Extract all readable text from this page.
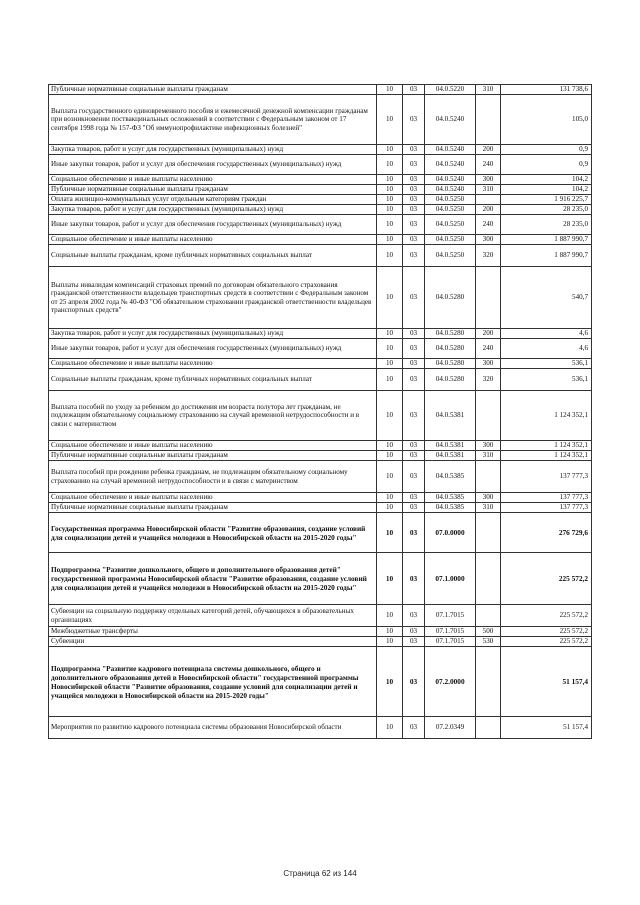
Публичные нормативные социальные выплаты гражданам	10	03	04.0.5220	310	131 738,6
Выплата государственного единовременного пособия и ежемесячной денежной компенсации гражданам при возникновении поствакцинальных осложнений в соответствии с Федеральным законом от 17 сентября 1998 года № 157-ФЗ "Об иммунопрофилактике инфекционных болезней"	10	03	04.0.5240		105,0
Закупка товаров, работ и услуг для государственных (муниципальных) нужд	10	03	04.0.5240	200	0,9
Иные закупки товаров, работ и услуг для обеспечения государственных (муниципальных) нужд	10	03	04.0.5240	240	0,9
Социальное обеспечение и иные выплаты населению	10	03	04.0.5240	300	104,2
Публичные нормативные социальные выплаты гражданам	10	03	04.0.5240	310	104,2
Оплата жилищно-коммунальных услуг отдельным категориям граждан	10	03	04.0.5250		1 916 225,7
Закупка товаров, работ и услуг для государственных (муниципальных) нужд	10	03	04.0.5250	200	28 235,0
Иные закупки товаров, работ и услуг для обеспечения государственных (муниципальных) нужд	10	03	04.0.5250	240	28 235,0
Социальное обеспечение и иные выплаты населению	10	03	04.0.5250	300	1 887 990,7
Социальные выплаты гражданам, кроме публичных нормативных социальных выплат	10	03	04.0.5250	320	1 887 990,7
Выплаты инвалидам компенсаций страховых премий по договорам обязательного страхования гражданской ответственности владельцев транспортных средств в соответствии с Федеральным законом от 25 апреля 2002 года № 40-ФЗ "Об обязательном страховании гражданской ответственности владельцев транспортных средств"	10	03	04.0.5280		540,7
Закупка товаров, работ и услуг для государственных (муниципальных) нужд	10	03	04.0.5280	200	4,6
Иные закупки товаров, работ и услуг для обеспечения государственных (муниципальных) нужд	10	03	04.0.5280	240	4,6
Социальное обеспечение и иные выплаты населению	10	03	04.0.5280	300	536,1
Социальные выплаты гражданам, кроме публичных нормативных социальных выплат	10	03	04.0.5280	320	536,1
Выплата пособий по уходу за ребенком до достижения им возраста полутора лет гражданам, не подлежащим обязательному социальному страхованию на случай временной нетрудоспособности и в связи с материнством	10	03	04.0.5381		1 124 352,1
Социальное обеспечение и иные выплаты населению	10	03	04.0.5381	300	1 124 352,1
Публичные нормативные социальные выплаты гражданам	10	03	04.0.5381	310	1 124 352,1
Выплата пособий при рождении ребенка гражданам, не подлежащим обязательному социальному страхованию на случай временной нетрудоспособности и в связи с материнством	10	03	04.0.5385		137 777,3
Социальное обеспечение и иные выплаты населению	10	03	04.0.5385	300	137 777,3
Публичные нормативные социальные выплаты гражданам	10	03	04.0.5385	310	137 777,3
Государственная программа Новосибирской области "Развитие образования, создание условий для социализации детей и учащейся молодежи в Новосибирской области на 2015-2020 годы"	10	03	07.0.0000		276 729,6
Подпрограмма "Развитие дошкольного, общего и дополнительного образования детей" государственной программы Новосибирской области "Развитие образования, создание условий для социализации детей и учащейся молодежи в Новосибирской области на 2015-2020 годы"	10	03	07.1.0000		225 572,2
Субвенции на социальную поддержку отдельных категорий детей, обучающихся в образовательных организациях	10	03	07.1.7015		225 572,2
Межбюджетные трансферты	10	03	07.1.7015	500	225 572,2
Субвенции	10	03	07.1.7015	530	225 572,2
Подпрограмма "Развитие кадрового потенциала системы дошкольного, общего и дополнительного образования детей в Новосибирской области" государственной программы Новосибирской области "Развитие образования, создание условий для социализации детей и учащейся молодежи в Новосибирской области на 2015-2020 годы"	10	03	07.2.0000		51 157,4
Мероприятия по развитию кадрового потенциала системы образования Новосибирской области	10	03	07.2.0349		51 157,4
Страница 62 из 144
